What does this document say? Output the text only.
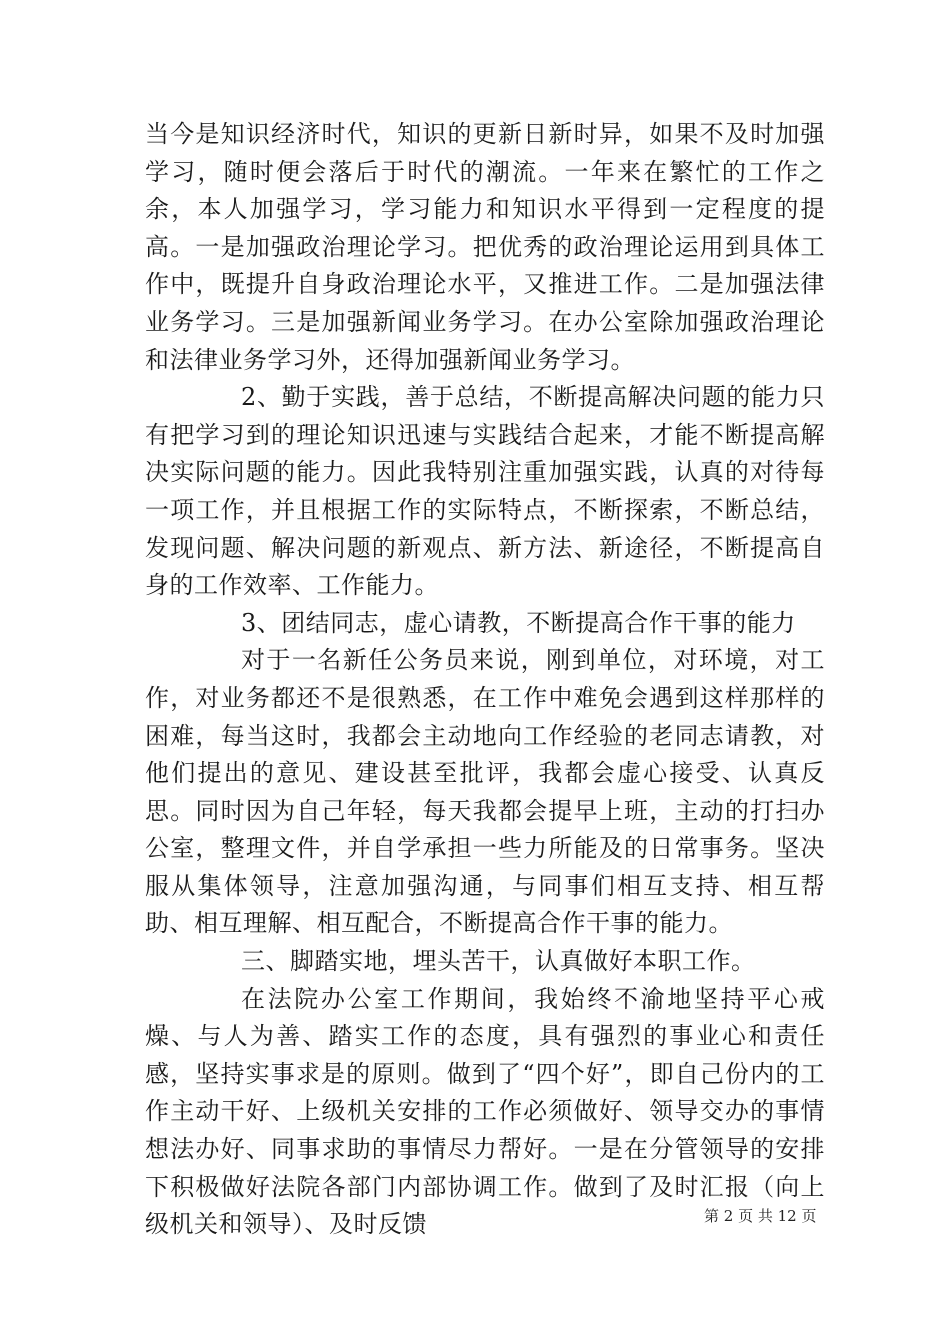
当今是知识经济时代，知识的更新日新时异，如果不及时加强学习，随时便会落后于时代的潮流。一年来在繁忙的工作之余，本人加强学习，学习能力和知识水平得到一定程度的提高。一是加强政治理论学习。把优秀的政治理论运用到具体工作中，既提升自身政治理论水平，又推进工作。二是加强法律业务学习。三是加强新闻业务学习。在办公室除加强政治理论和法律业务学习外，还得加强新闻业务学习。

2、勤于实践，善于总结，不断提高解决问题的能力只有把学习到的理论知识迅速与实践结合起来，才能不断提高解决实际问题的能力。因此我特别注重加强实践，认真的对待每一项工作，并且根据工作的实际特点，不断探索，不断总结，发现问题、解决问题的新观点、新方法、新途径，不断提高自身的工作效率、工作能力。

3、团结同志，虚心请教，不断提高合作干事的能力

对于一名新任公务员来说，刚到单位，对环境，对工作，对业务都还不是很熟悉，在工作中难免会遇到这样那样的困难，每当这时，我都会主动地向工作经验的老同志请教，对他们提出的意见、建设甚至批评，我都会虚心接受、认真反思。同时因为自己年轻，每天我都会提早上班，主动的打扫办公室，整理文件，并自学承担一些力所能及的日常事务。坚决服从集体领导，注意加强沟通，与同事们相互支持、相互帮助、相互理解、相互配合，不断提高合作干事的能力。

三、脚踏实地，埋头苦干，认真做好本职工作。

在法院办公室工作期间，我始终不渝地坚持平心戒燥、与人为善、踏实工作的态度，具有强烈的事业心和责任感，坚持实事求是的原则。做到了“四个好”，即自己份内的工作主动干好、上级机关安排的工作必须做好、领导交办的事情想法办好、同事求助的事情尽力帮好。一是在分管领导的安排下积极做好法院各部门内部协调工作。做到了及时汇报（向上级机关和领导）、及时反馈	第 2 页 共 12 页
